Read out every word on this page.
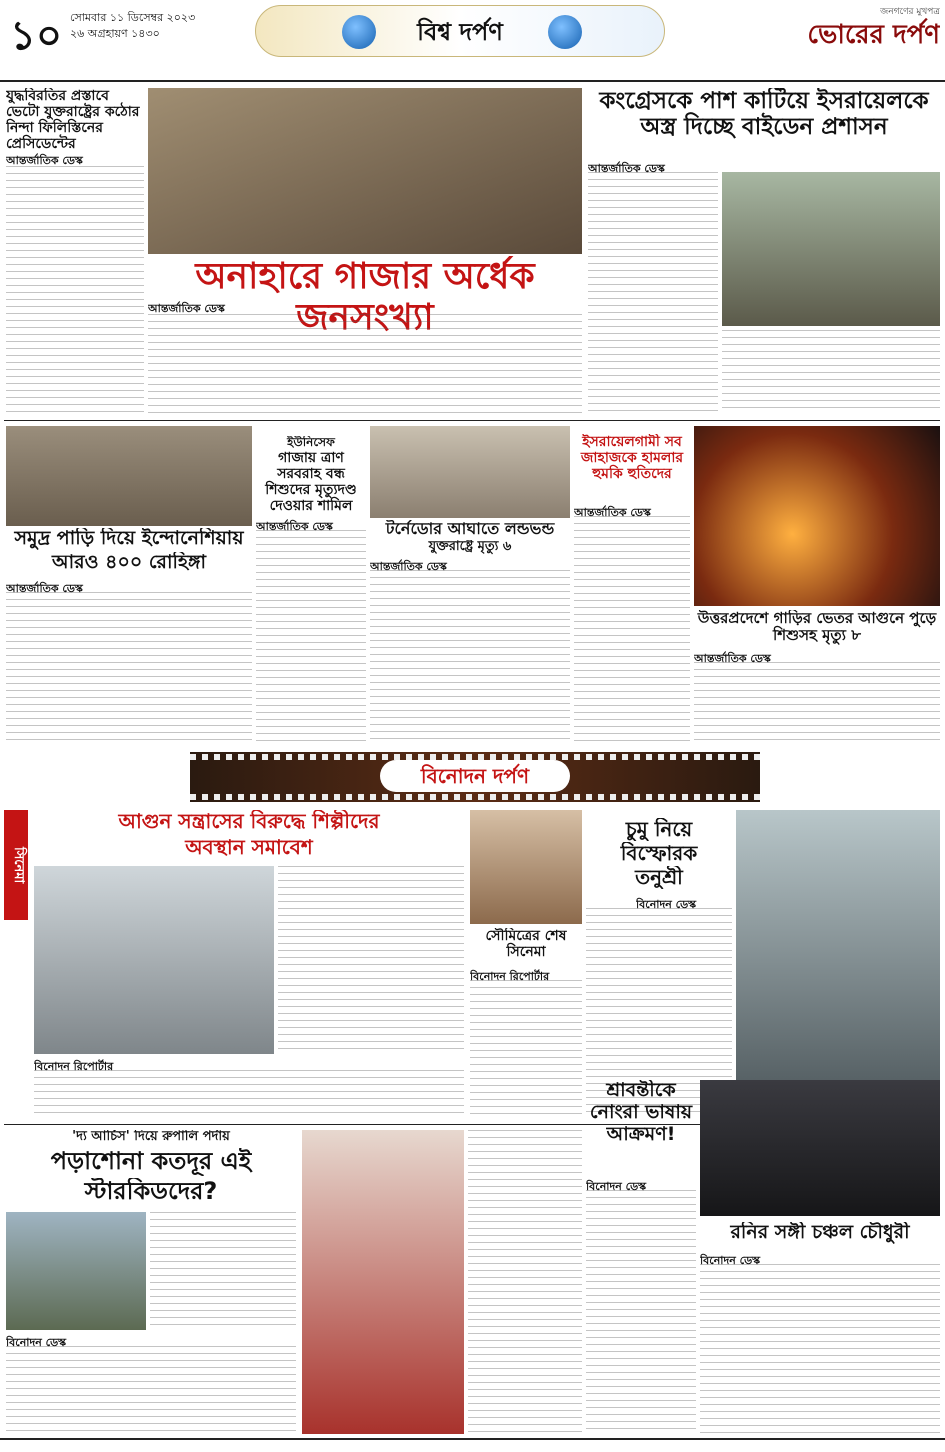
১০ সোমবার ১১ ডিসেম্বর ২০২৩
২৬ অগ্রহায়ণ ১৪৩০	বিশ্ব দর্পণ
জনগণের মুখপত্র
ভোরের দর্পণ
যুদ্ধবিরতির প্রস্তাবে ভেটো যুক্তরাষ্ট্রের কঠোর নিন্দা ফিলিস্তিনের প্রেসিডেন্টের
আন্তর্জাতিক ডেস্ক
অনাহারে গাজার অর্ধেক জনসংখ্যা
আন্তর্জাতিক ডেস্ক
কংগ্রেসকে পাশ কাটিয়ে ইসরায়েলকে অস্ত্র দিচ্ছে বাইডেন প্রশাসন
আন্তর্জাতিক ডেস্ক
সমুদ্র পাড়ি দিয়ে ইন্দোনেশিয়ায়
আরও ৪০০ রোহিঙ্গা
আন্তর্জাতিক ডেস্ক
ইউনিসেফ
গাজায় ত্রাণ সরবরাহ বন্ধ শিশুদের মৃত্যুদণ্ড দেওয়ার শামিল
আন্তর্জাতিক ডেস্ক	টর্নেডোর আঘাতে লন্ডভন্ড
যুক্তরাষ্ট্রে মৃত্যু ৬
আন্তর্জাতিক ডেস্ক
ইসরায়েলগামী সব জাহাজকে হামলার হুমকি হুতিদের
আন্তর্জাতিক ডেস্ক
উত্তরপ্রদেশে গাড়ির ভেতর আগুনে পুড়ে শিশুসহ মৃত্যু ৮
আন্তর্জাতিক ডেস্ক
বিনোদন দর্পণ
সিনেমা
আগুন সন্ত্রাসের বিরুদ্ধে শিল্পীদের
অবস্থান সমাবেশ
বিনোদন রিপোর্টার
সৌমিত্রের শেষ সিনেমা
বিনোদন রিপোর্টার
চুমু নিয়ে
বিস্ফোরক
তনুশ্রী
বিনোদন ডেস্ক
'দ্য আর্চিস' দিয়ে রুপালি পর্দায়
পড়াশোনা কতদূর এই
স্টারকিডদের?
বিনোদন ডেস্ক
শ্রাবন্তীকে নোংরা ভাষায় আক্রমণ!
বিনোদন ডেস্ক
রনির সঙ্গী চঞ্চল চৌধুরী
বিনোদন ডেস্ক
